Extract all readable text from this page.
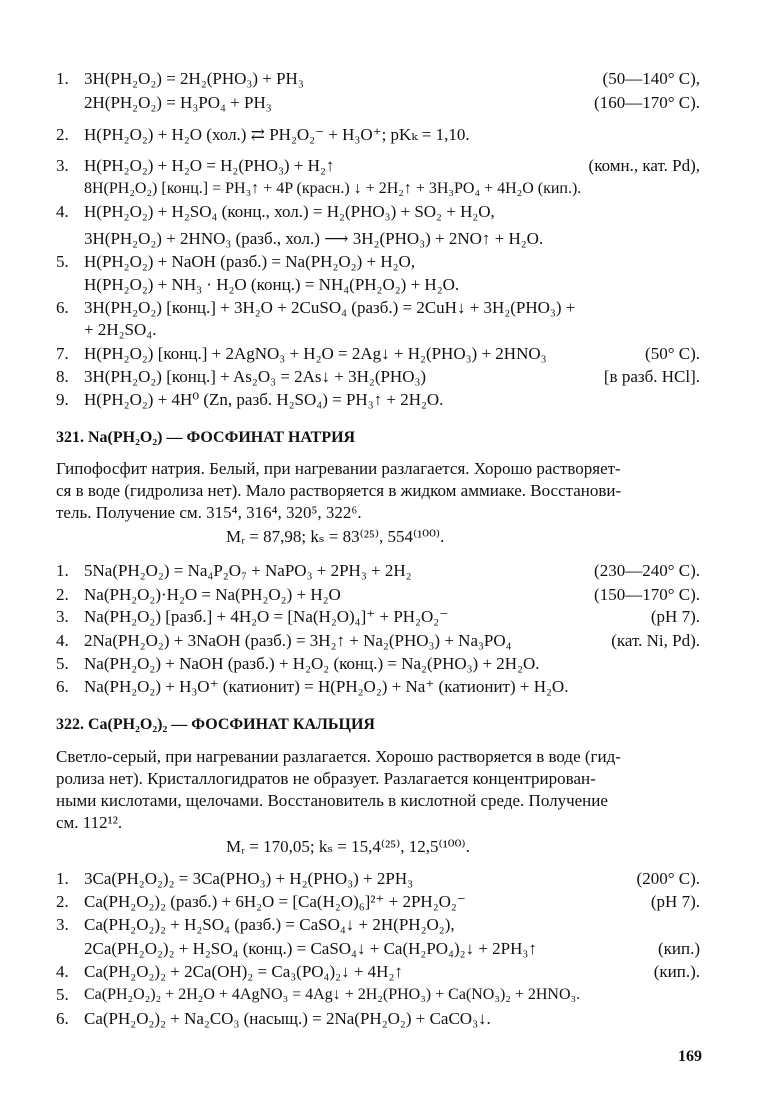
1. 3H(PH₂O₂) = 2H₂(PHO₃) + PH₃	(50—140° C),
2H(PH₂O₂) = H₃PO₄ + PH₃	(160—170° C).
2. H(PH₂O₂) + H₂O (хол.) ⇄ PH₂O₂⁻ + H₃O⁺; pKₖ = 1,10.
3. H(PH₂O₂) + H₂O = H₂(PHO₃) + H₂↑	(комн., кат. Pd),
8H(PH₂O₂) [конц.] = PH₃↑ + 4P (красн.) ↓ + 2H₂↑ + 3H₃PO₄ + 4H₂O (кип.).
4. H(PH₂O₂) + H₂SO₄ (конц., хол.) = H₂(PHO₃) + SO₂ + H₂O,
3H(PH₂O₂) + 2HNO₃ (разб., хол.) ⟶ 3H₂(PHO₃) + 2NO↑ + H₂O.
5. H(PH₂O₂) + NaOH (разб.) = Na(PH₂O₂) + H₂O,
H(PH₂O₂) + NH₃ · H₂O (конц.) = NH₄(PH₂O₂) + H₂O.
6. 3H(PH₂O₂) [конц.] + 3H₂O + 2CuSO₄ (разб.) = 2CuH↓ + 3H₂(PHO₃) +
+ 2H₂SO₄.
7. H(PH₂O₂) [конц.] + 2AgNO₃ + H₂O = 2Ag↓ + H₂(PHO₃) + 2HNO₃	(50° C).
8. 3H(PH₂O₂) [конц.] + As₂O₃ = 2As↓ + 3H₂(PHO₃)	[в разб. HCl].
9. H(PH₂O₂) + 4H⁰ (Zn, разб. H₂SO₄) = PH₃↑ + 2H₂O.
321. Na(PH₂O₂) — ФОСФИНАТ НАТРИЯ
Гипофосфит натрия. Белый, при нагревании разлагается. Хорошо растворяет-
ся в воде (гидролиза нет). Мало растворяется в жидком аммиаке. Восстанови-
тель. Получение см. 315⁴, 316⁴, 320⁵, 322⁶.
Mᵣ = 87,98; kₛ = 83⁽²⁵⁾, 554⁽¹⁰⁰⁾.
1. 5Na(PH₂O₂) = Na₄P₂O₇ + NaPO₃ + 2PH₃ + 2H₂	(230—240° C).
2. Na(PH₂O₂)·H₂O = Na(PH₂O₂) + H₂O	(150—170° C).
3. Na(PH₂O₂) [разб.] + 4H₂O = [Na(H₂O)₄]⁺ + PH₂O₂⁻	(pH 7).
4. 2Na(PH₂O₂) + 3NaOH (разб.) = 3H₂↑ + Na₂(PHO₃) + Na₃PO₄	(кат. Ni, Pd).
5. Na(PH₂O₂) + NaOH (разб.) + H₂O₂ (конц.) = Na₂(PHO₃) + 2H₂O.
6. Na(PH₂O₂) + H₃O⁺ (катионит) = H(PH₂O₂) + Na⁺ (катионит) + H₂O.
322. Ca(PH₂O₂)₂ — ФОСФИНАТ КАЛЬЦИЯ
Светло-серый, при нагревании разлагается. Хорошо растворяется в воде (гид-
ролиза нет). Кристаллогидратов не образует. Разлагается концентрирован-
ными кислотами, щелочами. Восстановитель в кислотной среде. Получение
см. 112¹².
Mᵣ = 170,05; kₛ = 15,4⁽²⁵⁾, 12,5⁽¹⁰⁰⁾.
1. 3Ca(PH₂O₂)₂ = 3Ca(PHO₃) + H₂(PHO₃) + 2PH₃	(200° C).
2. Ca(PH₂O₂)₂ (разб.) + 6H₂O = [Ca(H₂O)₆]²⁺ + 2PH₂O₂⁻	(pH 7).
3. Ca(PH₂O₂)₂ + H₂SO₄ (разб.) = CaSO₄↓ + 2H(PH₂O₂),
2Ca(PH₂O₂)₂ + H₂SO₄ (конц.) = CaSO₄↓ + Ca(H₂PO₄)₂↓ + 2PH₃↑	(кип.)
4. Ca(PH₂O₂)₂ + 2Ca(OH)₂ = Ca₃(PO₄)₂↓ + 4H₂↑	(кип.).
5. Ca(PH₂O₂)₂ + 2H₂O + 4AgNO₃ = 4Ag↓ + 2H₂(PHO₃) + Ca(NO₃)₂ + 2HNO₃.
6. Ca(PH₂O₂)₂ + Na₂CO₃ (насыщ.) = 2Na(PH₂O₂) + CaCO₃↓.
169
